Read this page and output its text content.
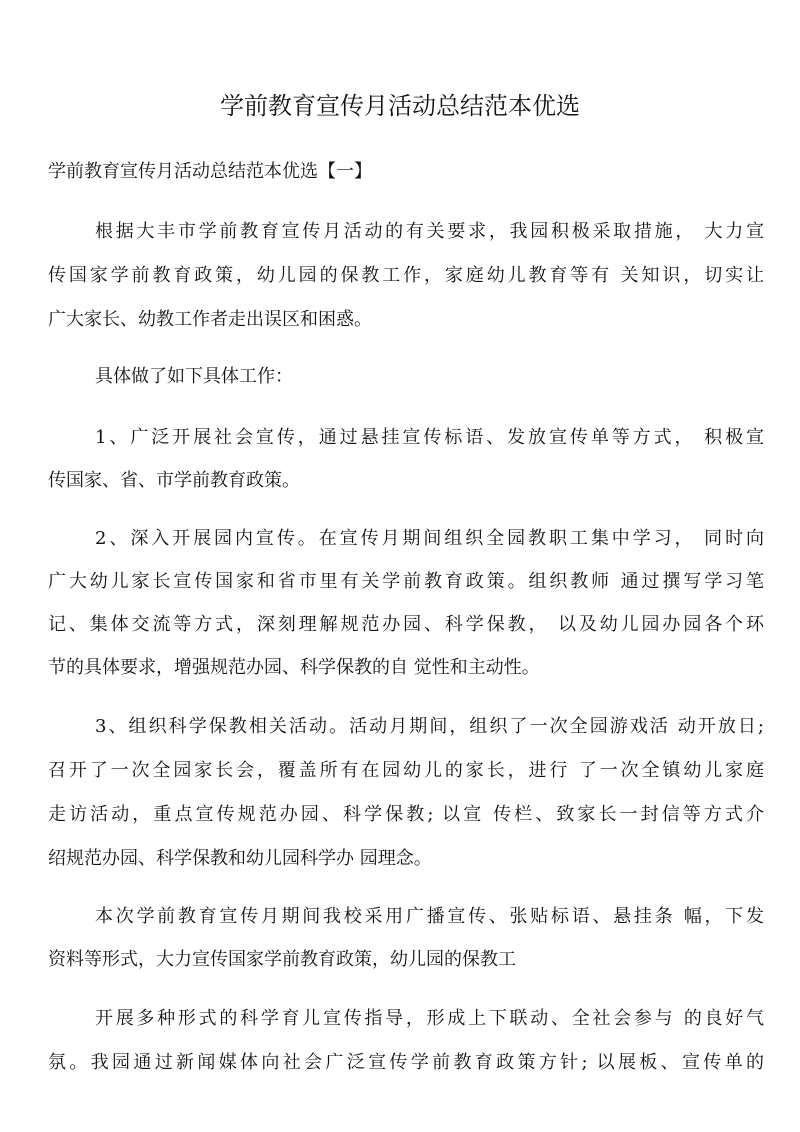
学前教育宣传月活动总结范本优选
学前教育宣传月活动总结范本优选【一】
根据大丰市学前教育宣传月活动的有关要求，我园积极采取措施， 大力宣
传国家学前教育政策，幼儿园的保教工作，家庭幼儿教育等有 关知识，切实让
广大家长、幼教工作者走出误区和困惑。
具体做了如下具体工作：
1、广泛开展社会宣传，通过悬挂宣传标语、发放宣传单等方式， 积极宣
传国家、省、市学前教育政策。
2、深入开展园内宣传。在宣传月期间组织全园教职工集中学习， 同时向
广大幼儿家长宣传国家和省市里有关学前教育政策。组织教师 通过撰写学习笔
记、集体交流等方式，深刻理解规范办园、科学保教， 以及幼儿园办园各个环
节的具体要求，增强规范办园、科学保教的自 觉性和主动性。
3、组织科学保教相关活动。活动月期间，组织了一次全园游戏活 动开放日;
召开了一次全园家长会，覆盖所有在园幼儿的家长，进行 了一次全镇幼儿家庭
走访活动，重点宣传规范办园、科学保教; 以宣 传栏、致家长一封信等方式介
绍规范办园、科学保教和幼儿园科学办 园理念。
本次学前教育宣传月期间我校采用广播宣传、张贴标语、悬挂条 幅，下发
资料等形式，大力宣传国家学前教育政策，幼儿园的保教工
开展多种形式的科学育儿宣传指导，形成上下联动、全社会参与 的良好气
氛。我园通过新闻媒体向社会广泛宣传学前教育政策方针; 以展板、宣传单的
